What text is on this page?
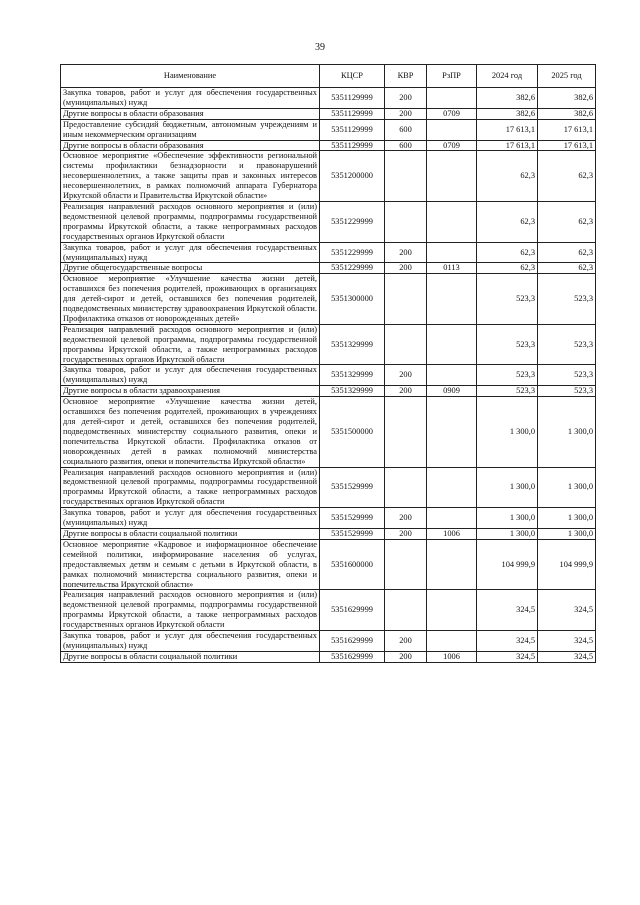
39
Наименование	КЦСР	КВР	РзПР	2024 год	2025 год
Закупка товаров, работ и услуг для обеспечения государственных (муниципальных) нужд	5351129999	200		382,6	382,6
Другие вопросы в области образования	5351129999	200	0709	382,6	382,6
Предоставление субсидий бюджетным, автономным учреждениям и иным некоммерческим организациям	5351129999	600		17 613,1	17 613,1
Другие вопросы в области образования	5351129999	600	0709	17 613,1	17 613,1
Основное мероприятие «Обеспечение эффективности региональной системы профилактики безнадзорности и правонарушений несовершеннолетних, а также защиты прав и законных интересов несовершеннолетних, в рамках полномочий аппарата Губернатора Иркутской области и Правительства Иркутской области»	5351200000			62,3	62,3
Реализация направлений расходов основного мероприятия и (или) ведомственной целевой программы, подпрограммы государственной программы Иркутской области, а также непрограммных расходов государственных органов Иркутской области	5351229999			62,3	62,3
Закупка товаров, работ и услуг для обеспечения государственных (муниципальных) нужд	5351229999	200		62,3	62,3
Другие общегосударственные вопросы	5351229999	200	0113	62,3	62,3
Основное мероприятие «Улучшение качества жизни детей, оставшихся без попечения родителей, проживающих в организациях для детей-сирот и детей, оставшихся без попечения родителей, подведомственных министерству здравоохранения Иркутской области. Профилактика отказов от новорожденных детей»	5351300000			523,3	523,3
Реализация направлений расходов основного мероприятия и (или) ведомственной целевой программы, подпрограммы государственной программы Иркутской области, а также непрограммных расходов государственных органов Иркутской области	5351329999			523,3	523,3
Закупка товаров, работ и услуг для обеспечения государственных (муниципальных) нужд	5351329999	200		523,3	523,3
Другие вопросы в области здравоохранения	5351329999	200	0909	523,3	523,3
Основное мероприятие «Улучшение качества жизни детей, оставшихся без попечения родителей, проживающих в учреждениях для детей-сирот и детей, оставшихся без попечения родителей, подведомственных министерству социального развития, опеки и попечительства Иркутской области. Профилактика отказов от новорожденных детей в рамках полномочий министерства социального развития, опеки и попечительства Иркутской области»	5351500000			1 300,0	1 300,0
Реализация направлений расходов основного мероприятия и (или) ведомственной целевой программы, подпрограммы государственной программы Иркутской области, а также непрограммных расходов государственных органов Иркутской области	5351529999			1 300,0	1 300,0
Закупка товаров, работ и услуг для обеспечения государственных (муниципальных) нужд	5351529999	200		1 300,0	1 300,0
Другие вопросы в области социальной политики	5351529999	200	1006	1 300,0	1 300,0
Основное мероприятие «Кадровое и информационное обеспечение семейной политики, информирование населения об услугах, предоставляемых детям и семьям с детьми в Иркутской области, в рамках полномочий министерства социального развития, опеки и попечительства Иркутской области»	5351600000			104 999,9	104 999,9
Реализация направлений расходов основного мероприятия и (или) ведомственной целевой программы, подпрограммы государственной программы Иркутской области, а также непрограммных расходов государственных органов Иркутской области	5351629999			324,5	324,5
Закупка товаров, работ и услуг для обеспечения государственных (муниципальных) нужд	5351629999	200		324,5	324,5
Другие вопросы в области социальной политики	5351629999	200	1006	324,5	324,5
